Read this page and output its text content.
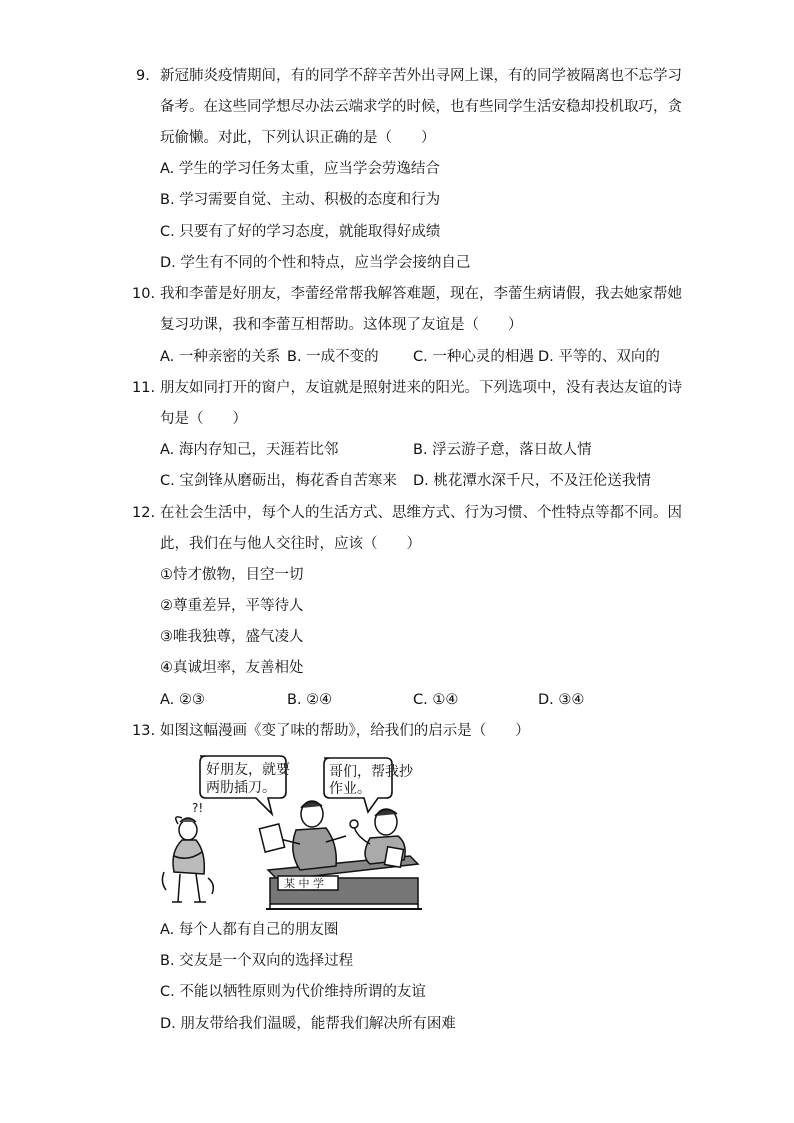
9. 新冠肺炎疫情期间，有的同学不辞辛苦外出寻网上课，有的同学被隔离也不忘学习
备考。在这些同学想尽办法云端求学的时候，也有些同学生活安稳却投机取巧，贪
玩偷懒。对此，下列认识正确的是（　　）
A. 学生的学习任务太重，应当学会劳逸结合
B. 学习需要自觉、主动、积极的态度和行为
C. 只要有了好的学习态度，就能取得好成绩
D. 学生有不同的个性和特点，应当学会接纳自己
10. 我和李蕾是好朋友，李蕾经常帮我解答难题，现在，李蕾生病请假，我去她家帮她
复习功课，我和李蕾互相帮助。这体现了友谊是（　　）
A. 一种亲密的关系 B. 一成不变的 C. 一种心灵的相遇 D. 平等的、双向的
11. 朋友如同打开的窗户，友谊就是照射进来的阳光。下列选项中，没有表达友谊的诗
句是（　　）
A. 海内存知己，天涯若比邻	B. 浮云游子意，落日故人情
C. 宝剑锋从磨砺出，梅花香自苦寒来 D. 桃花潭水深千尺，不及汪伦送我情
12. 在社会生活中，每个人的生活方式、思维方式、行为习惯、个性特点等都不同。因
此，我们在与他人交往时，应该（　　）
①恃才傲物，目空一切
②尊重差异，平等待人
③唯我独尊，盛气凌人
④真诚坦率，友善相处
A. ②③	B. ②④	C. ①④	D. ③④
13. 如图这幅漫画《变了味的帮助》，给我们的启示是（　　）
好朋友，就要
两肋插刀。
哥们，帮我抄
作业。
?!
某 中 学
A. 每个人都有自己的朋友圈
B. 交友是一个双向的选择过程
C. 不能以牺牲原则为代价维持所谓的友谊
D. 朋友带给我们温暖，能帮我们解决所有困难
